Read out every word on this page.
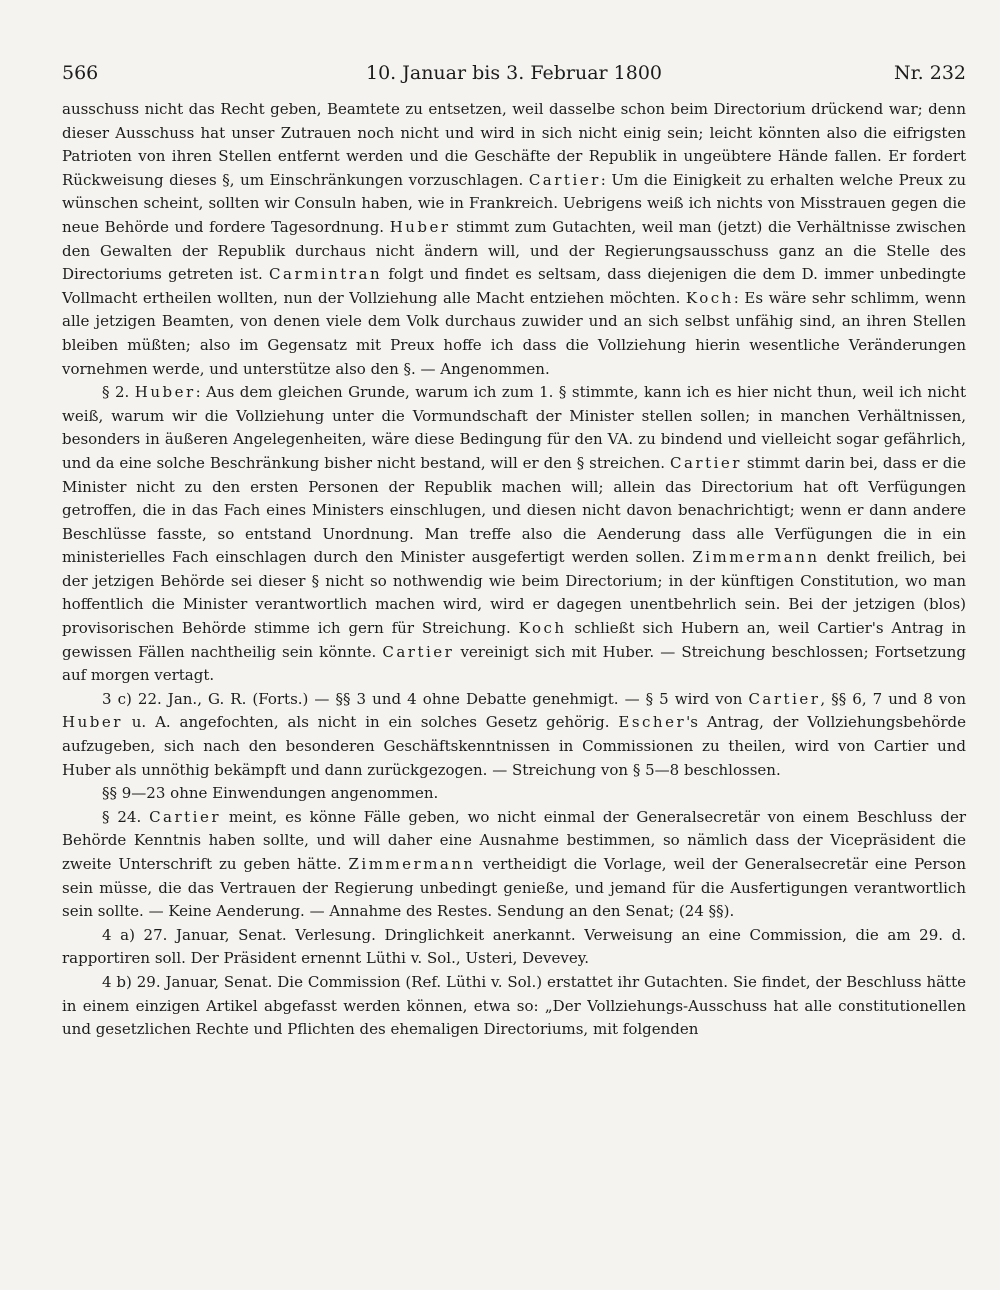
566	10. Januar bis 3. Februar 1800	Nr. 232

ausschuss nicht das Recht geben, Beamtete zu entsetzen, weil dasselbe schon beim Directorium drückend war; denn dieser Ausschuss hat unser Zutrauen noch nicht und wird in sich nicht einig sein; leicht könnten also die eifrigsten Patrioten von ihren Stellen entfernt werden und die Geschäfte der Republik in ungeübtere Hände fallen. Er fordert Rückweisung dieses §, um Einschränkungen vorzuschlagen. Cartier: Um die Einigkeit zu erhalten welche Preux zu wünschen scheint, sollten wir Consuln haben, wie in Frankreich. Uebrigens weiß ich nichts von Misstrauen gegen die neue Behörde und fordere Tagesordnung. Huber stimmt zum Gutachten, weil man (jetzt) die Verhältnisse zwischen den Gewalten der Republik durchaus nicht ändern will, und der Regierungsausschuss ganz an die Stelle des Directoriums getreten ist. Carmintran folgt und findet es seltsam, dass diejenigen die dem D. immer unbedingte Vollmacht ertheilen wollten, nun der Vollziehung alle Macht entziehen möchten. Koch: Es wäre sehr schlimm, wenn alle jetzigen Beamten, von denen viele dem Volk durchaus zuwider und an sich selbst unfähig sind, an ihren Stellen bleiben müßten; also im Gegensatz mit Preux hoffe ich dass die Vollziehung hierin wesentliche Veränderungen vornehmen werde, und unterstütze also den §. — Angenommen.

§ 2. Huber: Aus dem gleichen Grunde, warum ich zum 1. § stimmte, kann ich es hier nicht thun, weil ich nicht weiß, warum wir die Vollziehung unter die Vormundschaft der Minister stellen sollen; in manchen Verhältnissen, besonders in äußeren Angelegenheiten, wäre diese Bedingung für den VA. zu bindend und vielleicht sogar gefährlich, und da eine solche Beschränkung bisher nicht bestand, will er den § streichen. Cartier stimmt darin bei, dass er die Minister nicht zu den ersten Personen der Republik machen will; allein das Directorium hat oft Verfügungen getroffen, die in das Fach eines Ministers einschlugen, und diesen nicht davon benachrichtigt; wenn er dann andere Beschlüsse fasste, so entstand Unordnung. Man treffe also die Aenderung dass alle Verfügungen die in ein ministerielles Fach einschlagen durch den Minister ausgefertigt werden sollen. Zimmermann denkt freilich, bei der jetzigen Behörde sei dieser § nicht so nothwendig wie beim Directorium; in der künftigen Constitution, wo man hoffentlich die Minister verantwortlich machen wird, wird er dagegen unentbehrlich sein. Bei der jetzigen (blos) provisorischen Behörde stimme ich gern für Streichung. Koch schließt sich Hubern an, weil Cartier's Antrag in gewissen Fällen nachtheilig sein könnte. Cartier vereinigt sich mit Huber. — Streichung beschlossen; Fortsetzung auf morgen vertagt.

3 c) 22. Jan., G. R. (Forts.) — §§ 3 und 4 ohne Debatte genehmigt. — § 5 wird von Cartier, §§ 6, 7 und 8 von Huber u. A. angefochten, als nicht in ein solches Gesetz gehörig. Escher's Antrag, der Vollziehungsbehörde aufzugeben, sich nach den besonderen Geschäftskenntnissen in Commissionen zu theilen, wird von Cartier und Huber als unnöthig bekämpft und dann zurückgezogen. — Streichung von § 5—8 beschlossen.

§§ 9—23 ohne Einwendungen angenommen.

§ 24. Cartier meint, es könne Fälle geben, wo nicht einmal der Generalsecretär von einem Beschluss der Behörde Kenntnis haben sollte, und will daher eine Ausnahme bestimmen, so nämlich dass der Vicepräsident die zweite Unterschrift zu geben hätte. Zimmermann vertheidigt die Vorlage, weil der Generalsecretär eine Person sein müsse, die das Vertrauen der Regierung unbedingt genieße, und jemand für die Ausfertigungen verantwortlich sein sollte. — Keine Aenderung. — Annahme des Restes. Sendung an den Senat; (24 §§).

4 a) 27. Januar, Senat. Verlesung. Dringlichkeit anerkannt. Verweisung an eine Commission, die am 29. d. rapportiren soll. Der Präsident ernennt Lüthi v. Sol., Usteri, Devevey.

4 b) 29. Januar, Senat. Die Commission (Ref. Lüthi v. Sol.) erstattet ihr Gutachten. Sie findet, der Beschluss hätte in einem einzigen Artikel abgefasst werden können, etwa so: „Der Vollziehungs-Ausschuss hat alle constitutionellen und gesetzlichen Rechte und Pflichten des ehemaligen Directoriums, mit folgenden
